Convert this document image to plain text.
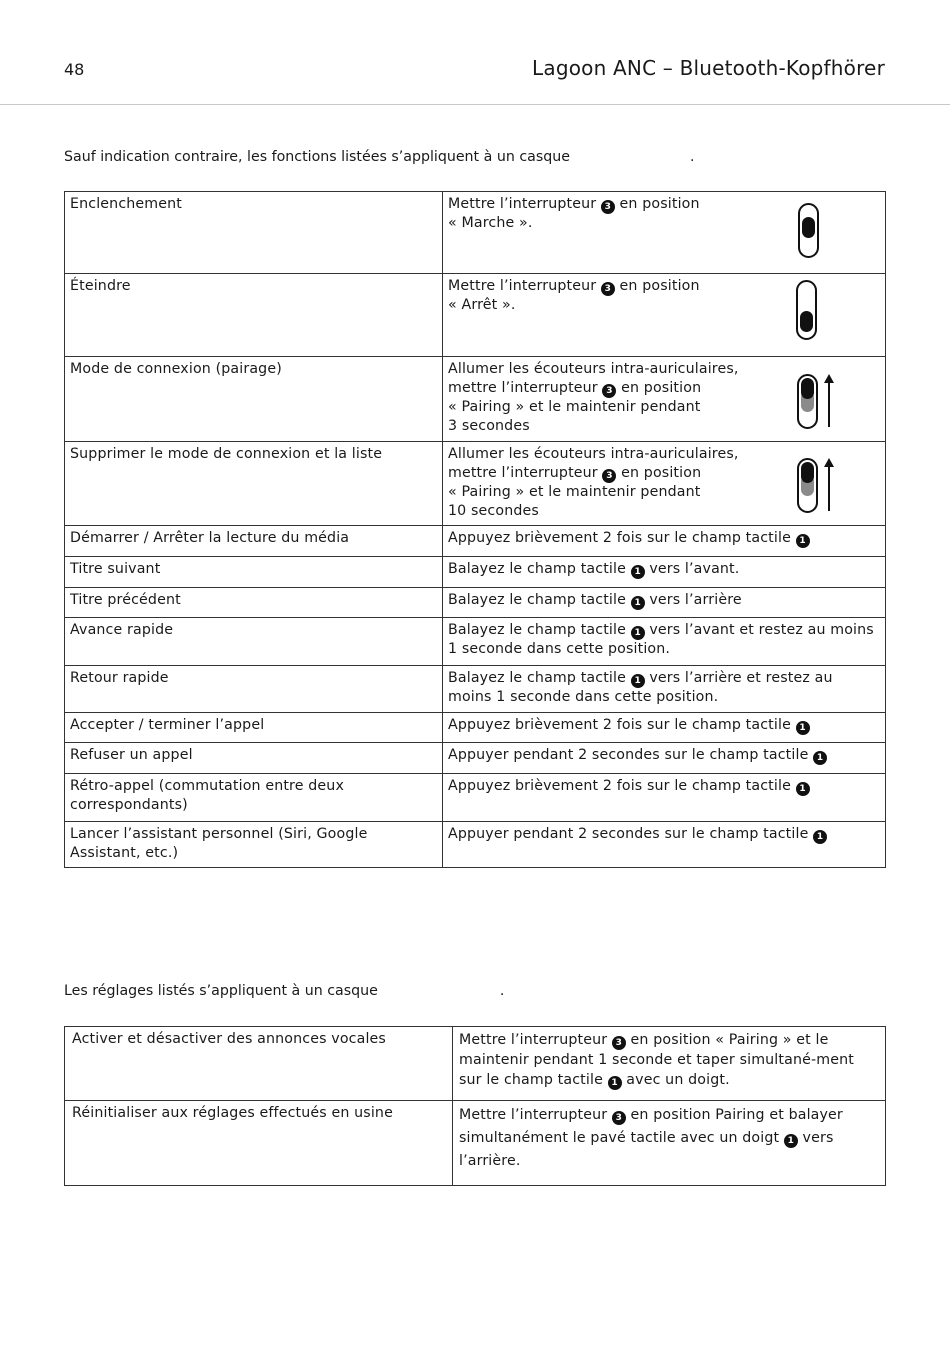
48	Lagoon ANC – Bluetooth-Kopfhörer
Sauf indication contraire, les fonctions listées s’appliquent à un casque	.
Enclenchement	Mettre l’interrupteur 3 en position
« Marche ».

Éteindre	Mettre l’interrupteur 3 en position
« Arrêt ».

Mode de connexion (pairage)	Allumer les écouteurs intra-auriculaires,
mettre l’interrupteur 3 en position
« Pairing » et le maintenir pendant
3 secondes

Supprimer le mode de connexion et la liste	Allumer les écouteurs intra-auriculaires,
mettre l’interrupteur 3 en position
« Pairing » et le maintenir pendant
10 secondes

Démarrer / Arrêter la lecture du média	Appuyez brièvement 2 fois sur le champ tactile 1
Titre suivant	Balayez le champ tactile 1 vers l’avant.
Titre précédent	Balayez le champ tactile 1 vers l’arrière
Avance rapide	Balayez le champ tactile 1 vers l’avant et restez au moins 1 seconde dans cette position.
Retour rapide	Balayez le champ tactile 1 vers l’arrière et restez au moins 1 seconde dans cette position.
Accepter / terminer l’appel	Appuyez brièvement 2 fois sur le champ tactile 1
Refuser un appel	Appuyer pendant 2 secondes sur le champ tactile 1
Rétro-appel (commutation entre deux correspondants)	Appuyez brièvement 2 fois sur le champ tactile 1
Lancer l’assistant personnel (Siri, Google Assistant, etc.)	Appuyer pendant 2 secondes sur le champ tactile 1
Les réglages listés s’appliquent à un casque	.
Activer et désactiver des annonces vocales	Mettre l’interrupteur 3 en position « Pairing » et le maintenir pendant 1 seconde et taper simultané-ment sur le champ tactile 1 avec un doigt.
Réinitialiser aux réglages effectués en usine	Mettre l’interrupteur 3 en position Pairing et balayer simultanément le pavé tactile avec un doigt 1 vers l’arrière.
